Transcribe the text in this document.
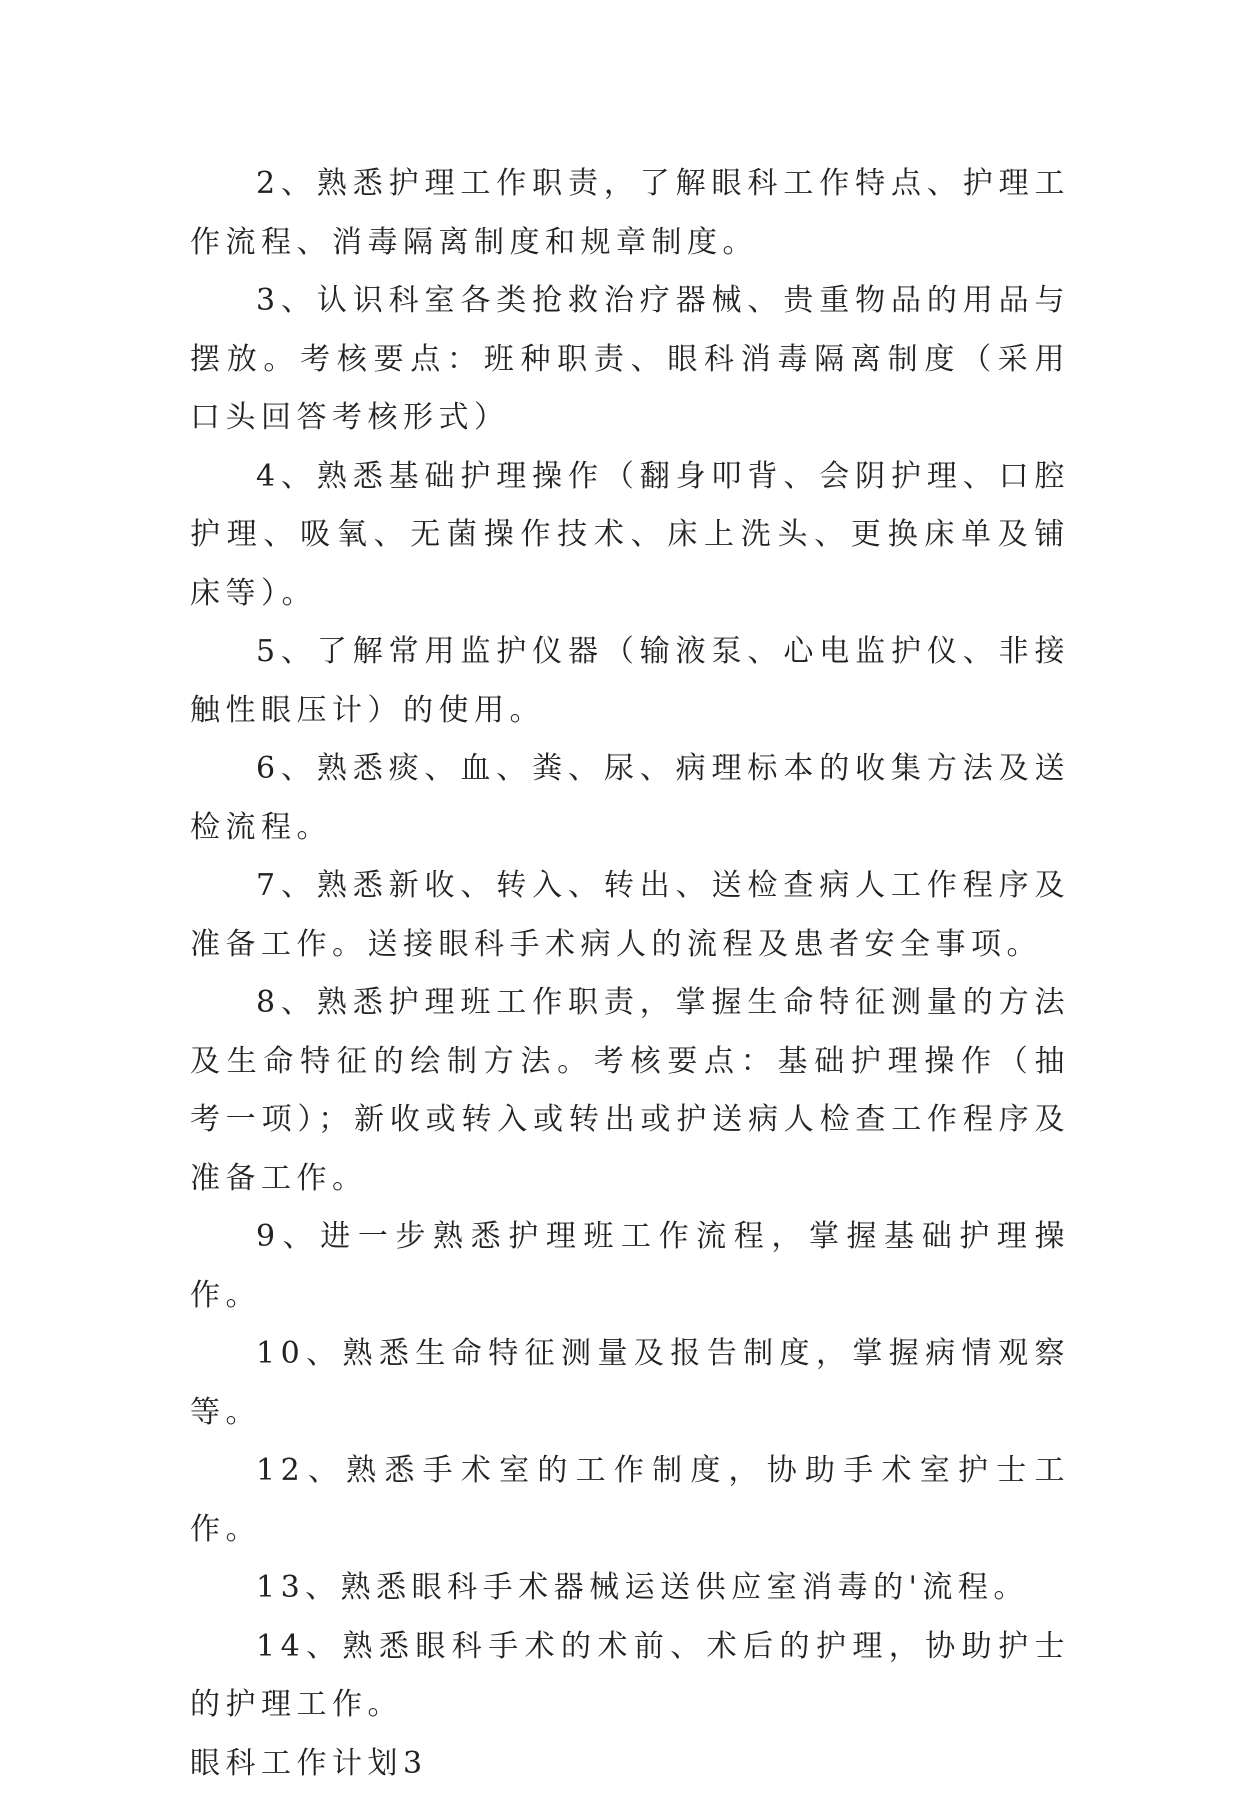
2、熟悉护理工作职责，了解眼科工作特点、护理工作流程、消毒隔离制度和规章制度。

3、认识科室各类抢救治疗器械、贵重物品的用品与摆放。考核要点：班种职责、眼科消毒隔离制度（采用口头回答考核形式）

4、熟悉基础护理操作（翻身叩背、会阴护理、口腔护理、吸氧、无菌操作技术、床上洗头、更换床单及铺床等）。

5、了解常用监护仪器（输液泵、心电监护仪、非接触性眼压计）的使用。

6、熟悉痰、血、粪、尿、病理标本的收集方法及送检流程。

7、熟悉新收、转入、转出、送检查病人工作程序及准备工作。送接眼科手术病人的流程及患者安全事项。

8、熟悉护理班工作职责，掌握生命特征测量的方法及生命特征的绘制方法。考核要点：基础护理操作（抽考一项）；新收或转入或转出或护送病人检查工作程序及准备工作。

9、进一步熟悉护理班工作流程，掌握基础护理操作。

10、熟悉生命特征测量及报告制度，掌握病情观察等。

12、熟悉手术室的工作制度，协助手术室护士工作。

13、熟悉眼科手术器械运送供应室消毒的'流程。

14、熟悉眼科手术的术前、术后的护理，协助护士的护理工作。

眼科工作计划3
